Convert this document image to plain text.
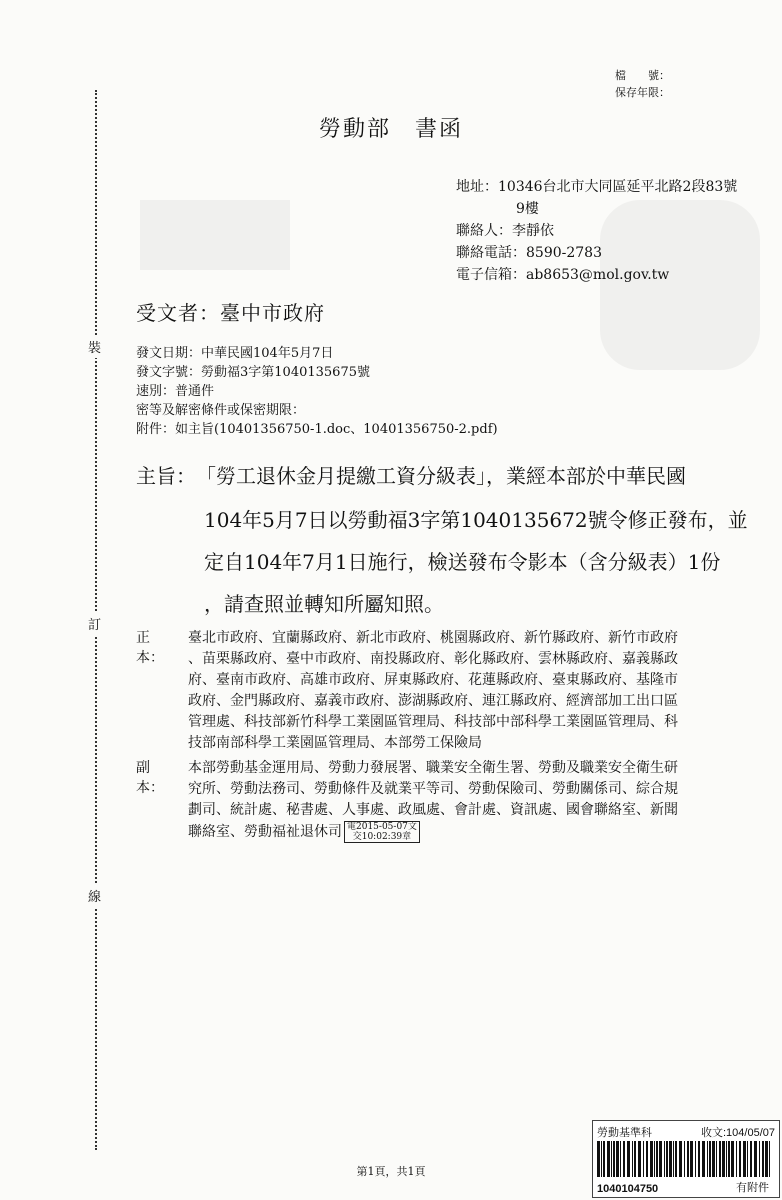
裝
訂
線
檔　　號：
保存年限：
勞動部　書函
地址：10346台北市大同區延平北路2段83號
9樓
聯絡人：李靜依
聯絡電話：8590-2783
電子信箱：ab8653@mol.gov.tw
受文者：臺中市政府
發文日期：中華民國104年5月7日
發文字號：勞動福3字第1040135675號
速別：普通件
密等及解密條件或保密期限：
附件：如主旨(10401356750-1.doc、10401356750-2.pdf)
主旨： 「勞工退休金月提繳工資分級表」，業經本部於中華民國
104年5月7日以勞動福3字第1040135672號令修正發布，並
定自104年7月1日施行，檢送發布令影本（含分級表）1份
，請查照並轉知所屬知照。
正本：
臺北市政府、宜蘭縣政府、新北市政府、桃園縣政府、新竹縣政府、新竹市政府
、苗栗縣政府、臺中市政府、南投縣政府、彰化縣政府、雲林縣政府、嘉義縣政
府、臺南市政府、高雄市政府、屏東縣政府、花蓮縣政府、臺東縣政府、基隆市
政府、金門縣政府、嘉義市政府、澎湖縣政府、連江縣政府、經濟部加工出口區
管理處、科技部新竹科學工業園區管理局、科技部中部科學工業園區管理局、科
技部南部科學工業園區管理局、本部勞工保險局
副本：
本部勞動基金運用局、勞動力發展署、職業安全衛生署、勞動及職業安全衛生研
究所、勞動法務司、勞動條件及就業平等司、勞動保險司、勞動關係司、綜合規
劃司、統計處、秘書處、人事處、政風處、會計處、資訊處、國會聯絡室、新聞
聯絡室、勞動福祉退休司 電2015-05-07文
交10:02:39章
第1頁，共1頁
勞動基準科	收文:104/05/07
1040104750	有附件
